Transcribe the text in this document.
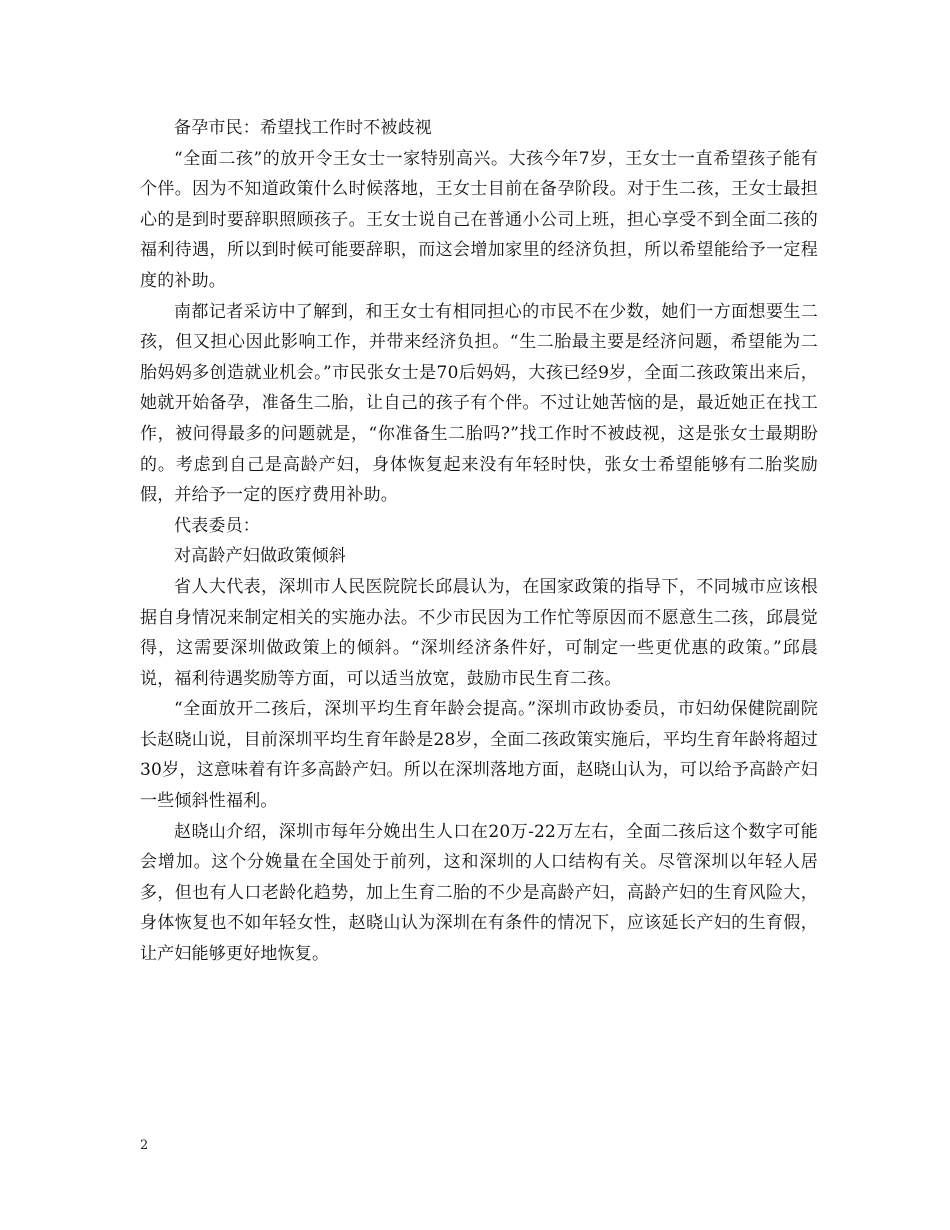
备孕市民：希望找工作时不被歧视

“全面二孩”的放开令王女士一家特别高兴。大孩今年7岁，王女士一直希望孩子能有个伴。因为不知道政策什么时候落地，王女士目前在备孕阶段。对于生二孩，王女士最担心的是到时要辞职照顾孩子。王女士说自己在普通小公司上班，担心享受不到全面二孩的福利待遇，所以到时候可能要辞职，而这会增加家里的经济负担，所以希望能给予一定程度的补助。

南都记者采访中了解到，和王女士有相同担心的市民不在少数，她们一方面想要生二孩，但又担心因此影响工作，并带来经济负担。“生二胎最主要是经济问题，希望能为二胎妈妈多创造就业机会。”市民张女士是70后妈妈，大孩已经9岁，全面二孩政策出来后，她就开始备孕，准备生二胎，让自己的孩子有个伴。不过让她苦恼的是，最近她正在找工作，被问得最多的问题就是，“你准备生二胎吗?”找工作时不被歧视，这是张女士最期盼的。考虑到自己是高龄产妇，身体恢复起来没有年轻时快，张女士希望能够有二胎奖励假，并给予一定的医疗费用补助。

代表委员：

对高龄产妇做政策倾斜

省人大代表，深圳市人民医院院长邱晨认为，在国家政策的指导下，不同城市应该根据自身情况来制定相关的实施办法。不少市民因为工作忙等原因而不愿意生二孩，邱晨觉得，这需要深圳做政策上的倾斜。“深圳经济条件好，可制定一些更优惠的政策。”邱晨说，福利待遇奖励等方面，可以适当放宽，鼓励市民生育二孩。

“全面放开二孩后，深圳平均生育年龄会提高。”深圳市政协委员，市妇幼保健院副院长赵晓山说，目前深圳平均生育年龄是28岁，全面二孩政策实施后，平均生育年龄将超过30岁，这意味着有许多高龄产妇。所以在深圳落地方面，赵晓山认为，可以给予高龄产妇一些倾斜性福利。

赵晓山介绍，深圳市每年分娩出生人口在20万-22万左右，全面二孩后这个数字可能会增加。这个分娩量在全国处于前列，这和深圳的人口结构有关。尽管深圳以年轻人居多，但也有人口老龄化趋势，加上生育二胎的不少是高龄产妇，高龄产妇的生育风险大，身体恢复也不如年轻女性，赵晓山认为深圳在有条件的情况下，应该延长产妇的生育假，让产妇能够更好地恢复。

2
